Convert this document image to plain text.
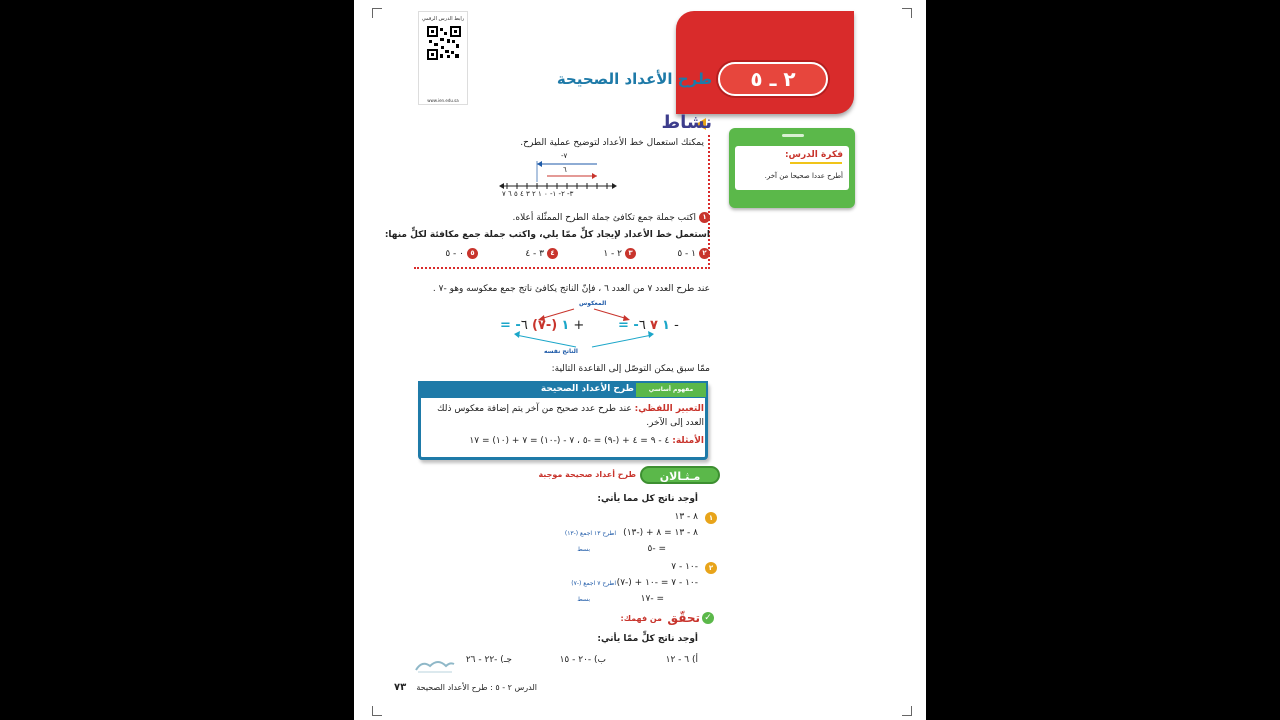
رابط الدرس الرقمي
www.ien.edu.sa
٢ ـ ٥
طرح الأعداد الصحيحة
نشاط
يمكنك استعمال خط الأعداد لتوضيح عملية الطرح.
٧-
٦
٣- ٢- ١- ٠ ١ ٢ ٣ ٤ ٥ ٦ ٧
١اكتب جملة جمع تكافئ جملة الطرح الممثّلة أعلاه.
استعمل خط الأعداد لإيجاد كلٍّ ممّا يلي، واكتب جملة جمع مكافئة لكلٍّ منها:
٢١ - ٥
٣٢ - ١
٤٣ - ٤
٥٠ - ٥
فكرة الدرس:
أطرح عددا صحيحا من آخر.
عند طرح العدد ٧ من العدد ٦ ، فإنّ الناتج يكافئ ناتج جمع معكوسه وهو -٧ .
المعكوس
= -١ (-٧) ٦ +	= -١ ٧ ٦ -
الناتج نفسه
ممّا سبق يمكن التوصّل إلى القاعدة التالية:
مفهوم أساسي
طرح الأعداد الصحيحة
التعبير اللفظي: عند طرح عدد صحيح من آخر يتم إضافة معكوس ذلك
العدد إلى الآخر.
الأمثلة: ٤ - ٩ = ٤ + (-٩) = -٥ ، ٧ - (-١٠) = ٧ + (١٠) = ١٧
مـثـالان
طرح أعداد صحيحة موجبة
أوجد ناتج كل مما يأتي:
١
٨ - ١٣
٨ - ١٣ = ٨ + (-١٣)
اطرح ١٣ اجمع (-١٣)
= -٥
بسط
٢
-١٠ - ٧
-١٠ - ٧ = -١٠ + (-٧)
اطرح ٧ اجمع (-٧)
= -١٧
بسط
✓
تحقّق
من فهمك:
أوجد ناتج كلٍّ ممّا يأتي:
أ) ٦ - ١٢
ب) -٢٠ - ١٥
جـ) -٢٢ - ٢٦
٧٣ الدرس ٢ - ٥ : طرح الأعداد الصحيحة
